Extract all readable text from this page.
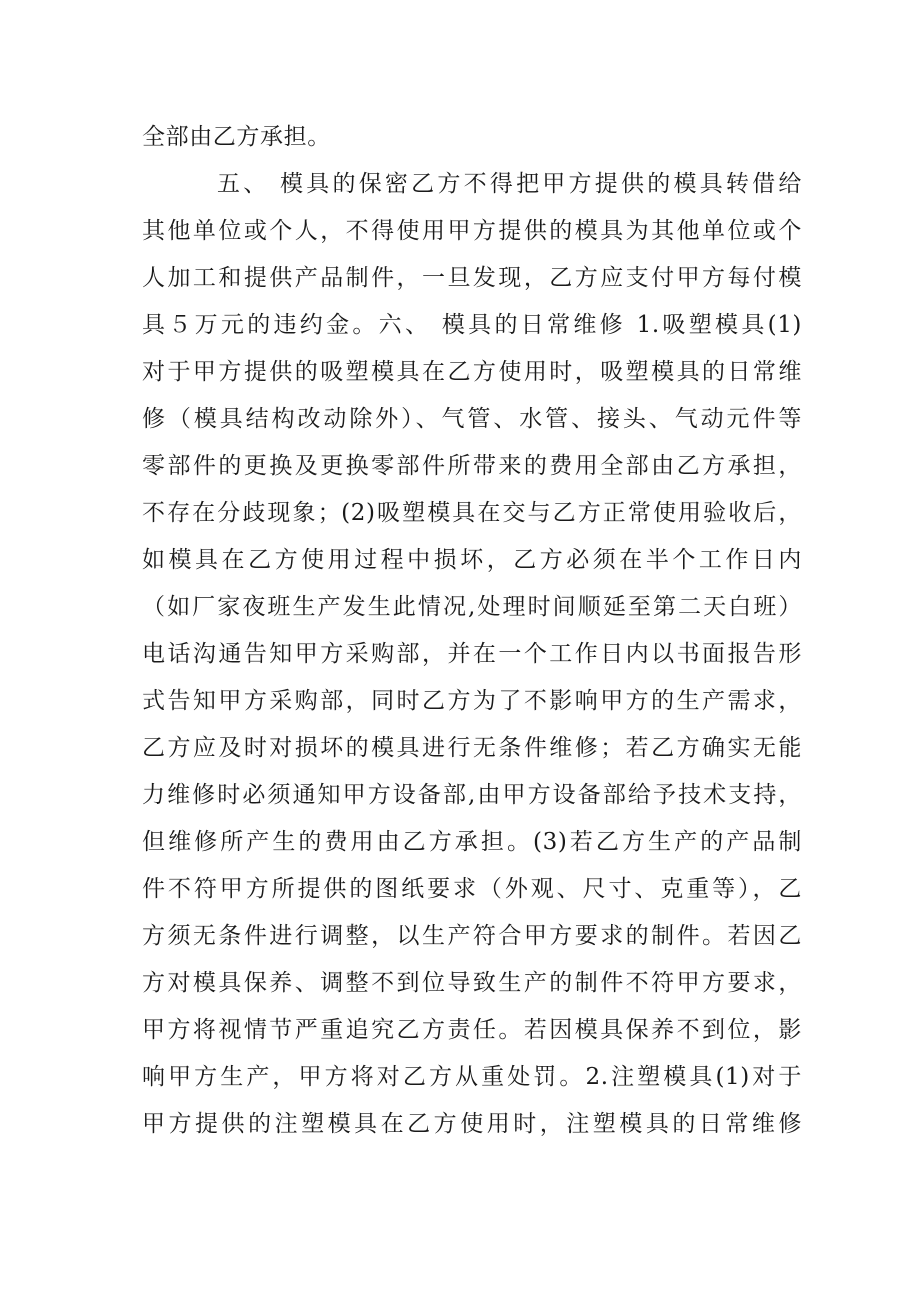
全部由乙方承担。
五、 模具的保密乙方不得把甲方提供的模具转借给
其他单位或个人，不得使用甲方提供的模具为其他单位或个
人加工和提供产品制件，一旦发现，乙方应支付甲方每付模
具５万元的违约金。六、 模具的日常维修 1.吸塑模具(1)
对于甲方提供的吸塑模具在乙方使用时，吸塑模具的日常维
修（模具结构改动除外）、气管、水管、接头、气动元件等
零部件的更换及更换零部件所带来的费用全部由乙方承担，
不存在分歧现象；(2)吸塑模具在交与乙方正常使用验收后，
如模具在乙方使用过程中损坏，乙方必须在半个工作日内
（如厂家夜班生产发生此情况,处理时间顺延至第二天白班）
电话沟通告知甲方采购部，并在一个工作日内以书面报告形
式告知甲方采购部，同时乙方为了不影响甲方的生产需求，
乙方应及时对损坏的模具进行无条件维修；若乙方确实无能
力维修时必须通知甲方设备部,由甲方设备部给予技术支持，
但维修所产生的费用由乙方承担。(3)若乙方生产的产品制
件不符甲方所提供的图纸要求（外观、尺寸、克重等），乙
方须无条件进行调整，以生产符合甲方要求的制件。若因乙
方对模具保养、调整不到位导致生产的制件不符甲方要求，
甲方将视情节严重追究乙方责任。若因模具保养不到位，影
响甲方生产，甲方将对乙方从重处罚。2.注塑模具(1)对于
甲方提供的注塑模具在乙方使用时，注塑模具的日常维修
